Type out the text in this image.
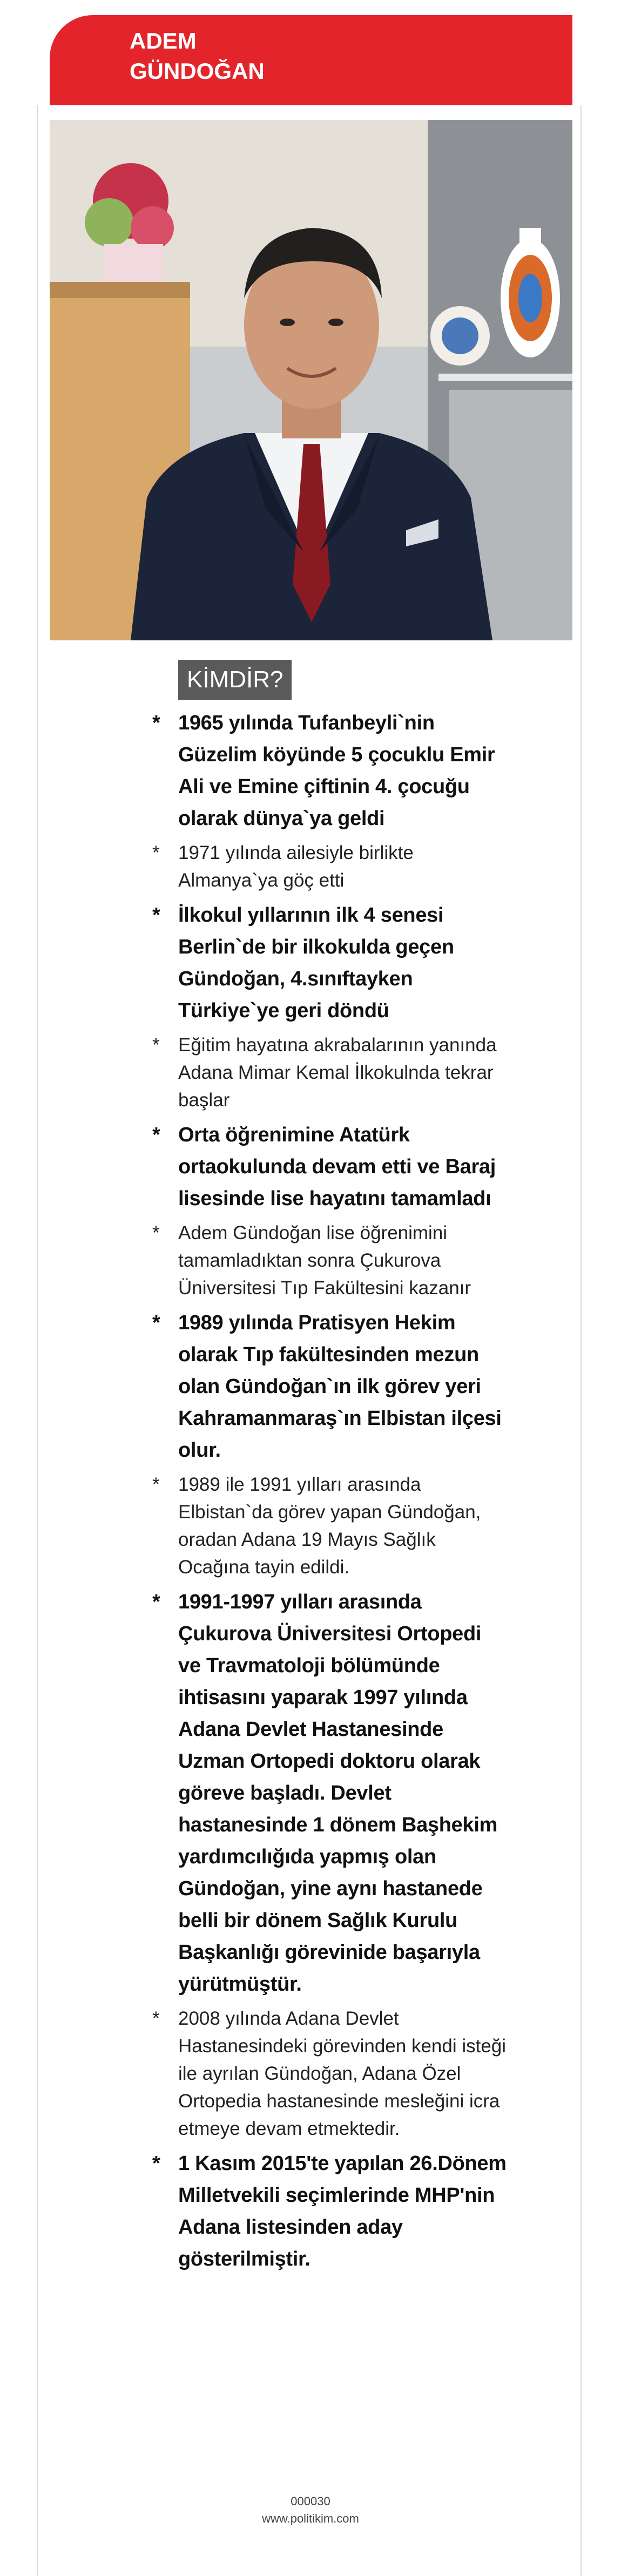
ADEM
GÜNDOĞAN
KİMDİR?
* 1965 yılında Tufanbeyli`nin Güzelim köyünde 5 çocuklu Emir Ali ve Emine çiftinin 4. çocuğu olarak dünya`ya geldi
* 1971 yılında ailesiyle birlikte Almanya`ya göç etti
* İlkokul yıllarının ilk 4 senesi Berlin`de bir ilkokulda geçen Gündoğan, 4.sınıftayken Türkiye`ye geri döndü
* Eğitim hayatına akrabalarının yanında Adana Mimar Kemal İlkokulnda tekrar başlar
* Orta öğrenimine Atatürk ortaokulunda devam etti ve Baraj lisesinde lise hayatını tamamladı
* Adem Gündoğan lise öğrenimini tamamladıktan sonra Çukurova Üniversitesi Tıp Fakültesini kazanır
* 1989 yılında Pratisyen Hekim olarak Tıp fakültesinden mezun olan Gündoğan`ın ilk görev yeri Kahramanmaraş`ın Elbistan ilçesi olur.
* 1989 ile 1991 yılları arasında Elbistan`da görev yapan Gündoğan, oradan Adana 19 Mayıs Sağlık Ocağına tayin edildi.
* 1991-1997 yılları arasında Çukurova Üniversitesi Ortopedi ve Travmatoloji bölümünde ihtisasını yaparak 1997 yılında Adana Devlet Hastanesinde Uzman Ortopedi doktoru olarak göreve başladı. Devlet hastanesinde 1 dönem Başhekim yardımcılığıda yapmış olan Gündoğan, yine aynı hastanede belli bir dönem Sağlık Kurulu Başkanlığı görevinide başarıyla yürütmüştür.
* 2008 yılında Adana Devlet Hastanesindeki görevinden kendi isteği ile ayrılan Gündoğan, Adana Özel Ortopedia hastanesinde mesleğini icra etmeye devam etmektedir.
* 1 Kasım 2015'te yapılan 26.Dönem Milletvekili seçimlerinde MHP'nin Adana listesinden aday gösterilmiştir.
000030
www.politikim.com
